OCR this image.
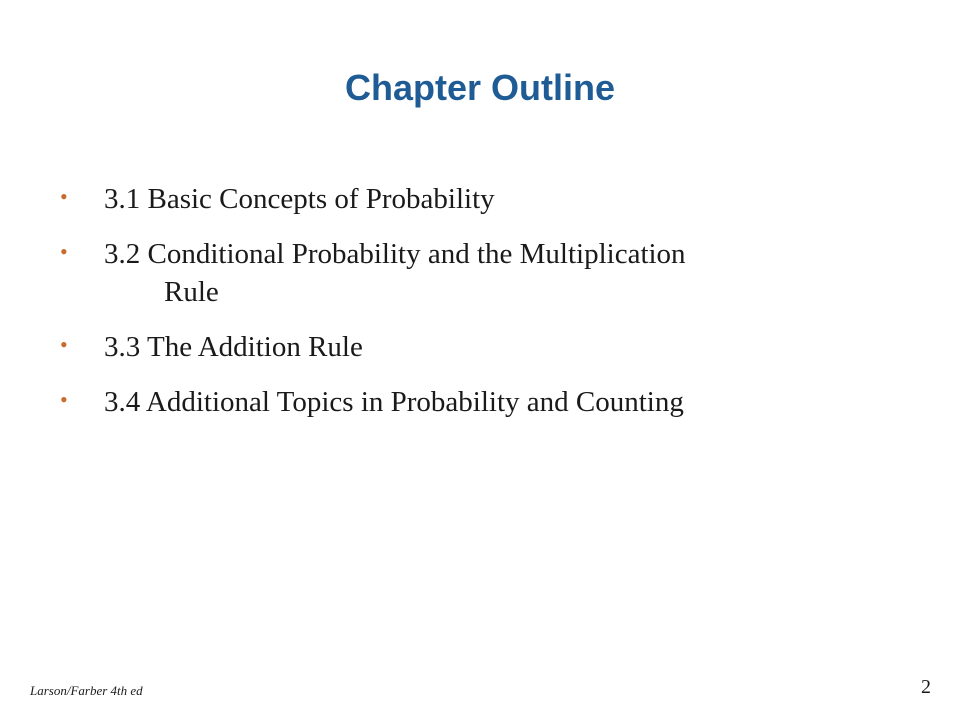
Chapter Outline
• 3.1 Basic Concepts of Probability
• 3.2 Conditional Probability and the Multiplication
Rule
• 3.3 The Addition Rule
• 3.4 Additional Topics in Probability and Counting
Larson/Farber 4th ed	2
